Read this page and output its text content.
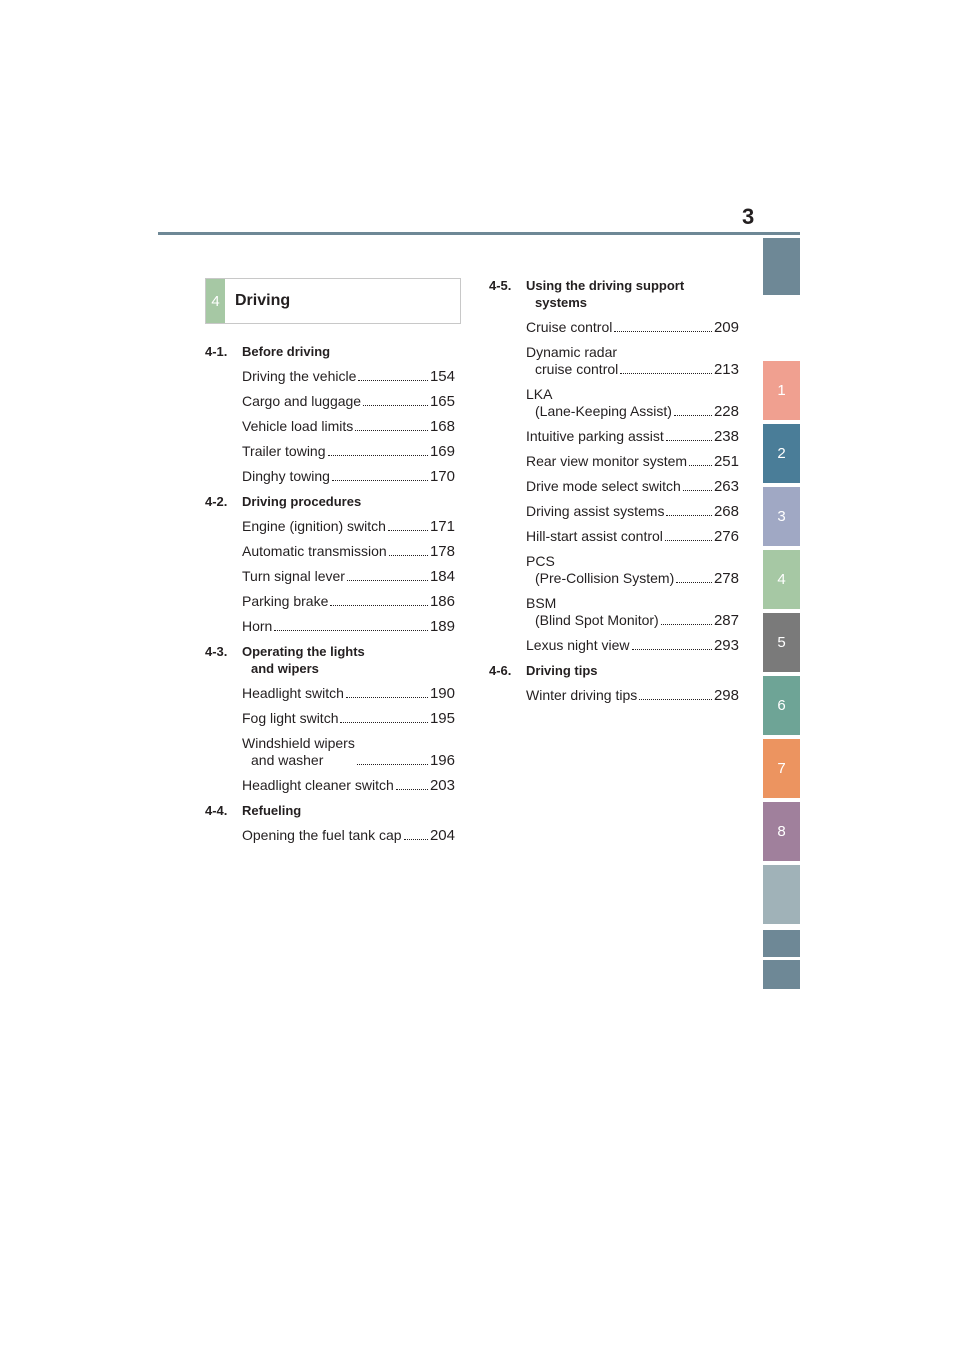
3
1
2
3
4
5
6
7
8
4 Driving
4-1.	Before driving
Driving the vehicle	154
Cargo and luggage	165
Vehicle load limits	168
Trailer towing	169
Dinghy towing	170
4-2.	Driving procedures
Engine (ignition) switch	171
Automatic transmission	178
Turn signal lever	184
Parking brake	186
Horn	189
4-3.	Operating the lights
and wipers
Headlight switch	190
Fog light switch	195
Windshield wipers
and washer	196
Headlight cleaner switch 203
4-4.	Refueling
Opening the fuel tank cap 204
4-5.	Using the driving support
systems
Cruise control	209
Dynamic radar
cruise control	213
LKA
(Lane-Keeping Assist)	228
Intuitive parking assist	238
Rear view monitor system 251
Drive mode select switch 263
Driving assist systems	268
Hill-start assist control	276
PCS
(Pre-Collision System)	278
BSM
(Blind Spot Monitor)	287
Lexus night view	293
4-6.	Driving tips
Winter driving tips	298
